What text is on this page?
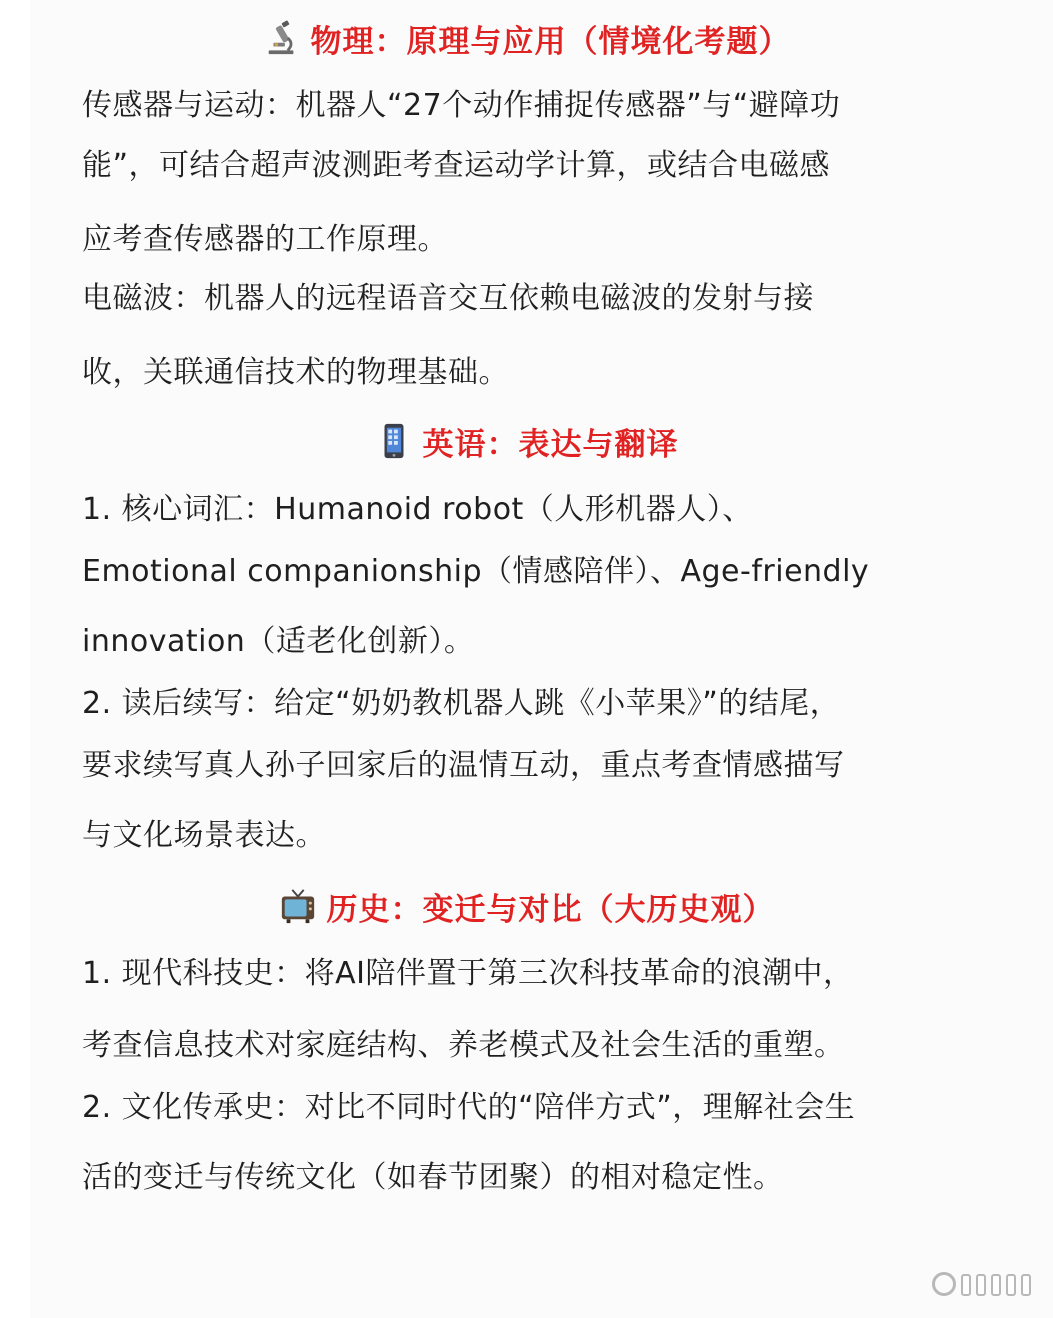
物理：原理与应用（情境化考题）
传感器与运动：机器人“27个动作捕捉传感器”与“避障功
能”，可结合超声波测距考查运动学计算，或结合电磁感
应考查传感器的工作原理。
电磁波：机器人的远程语音交互依赖电磁波的发射与接
收，关联通信技术的物理基础。
英语：表达与翻译
1. 核心词汇：Humanoid robot（人形机器人）、
Emotional companionship（情感陪伴）、Age-friendly
innovation（适老化创新）。
2. 读后续写：给定“奶奶教机器人跳《小苹果》”的结尾，
要求续写真人孙子回家后的温情互动，重点考查情感描写
与文化场景表达。
历史：变迁与对比（大历史观）
1. 现代科技史：将AI陪伴置于第三次科技革命的浪潮中，
考查信息技术对家庭结构、养老模式及社会生活的重塑。
2. 文化传承史：对比不同时代的“陪伴方式”，理解社会生
活的变迁与传统文化（如春节团聚）的相对稳定性。
